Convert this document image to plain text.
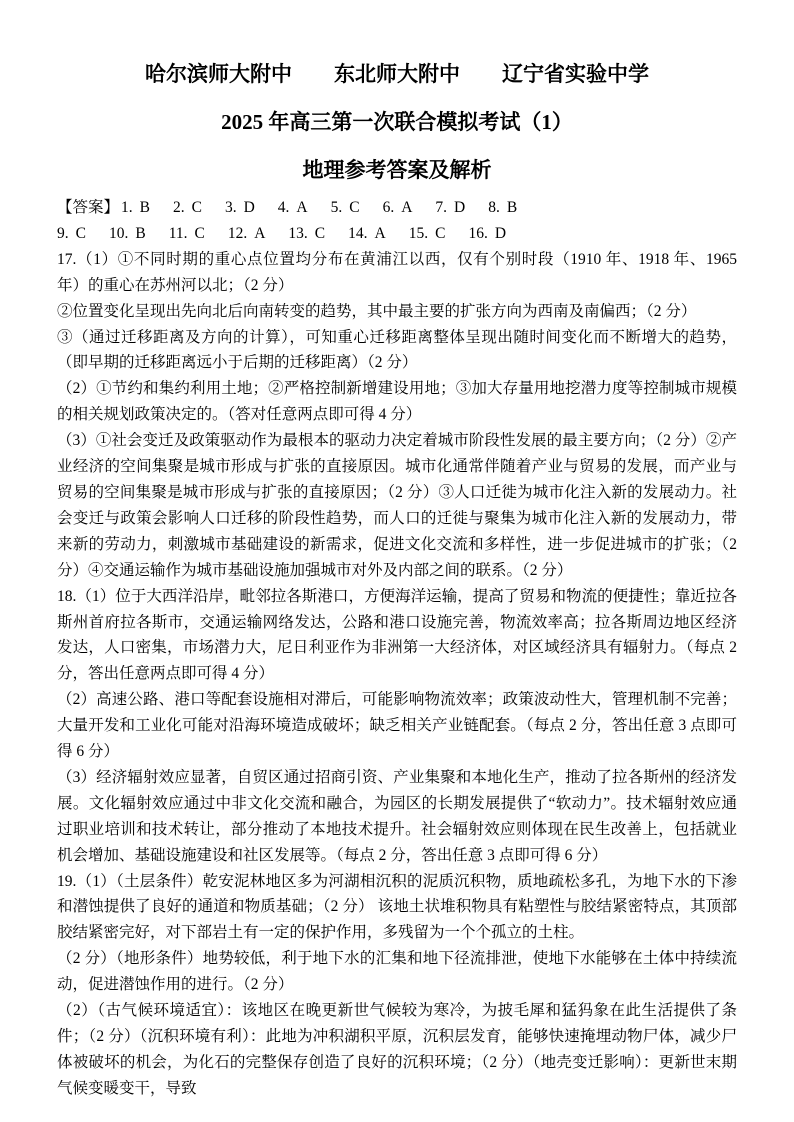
哈尔滨师大附中　　东北师大附中　　辽宁省实验中学
2025 年高三第一次联合模拟考试（1）
地理参考答案及解析
【答案】 1. B 2. C 3. D 4. A 5. C 6. A 7. D 8. B
9. C 10. B 11. C 12. A 13. C 14. A 15. C 16. D

17.（1）①不同时期的重心点位置均分布在黄浦江以西，仅有个别时段（1910 年、1918 年、1965 年）的重心在苏州河以北；（2 分）

②位置变化呈现出先向北后向南转变的趋势，其中最主要的扩张方向为西南及南偏西；（2 分）

③（通过迁移距离及方向的计算），可知重心迁移距离整体呈现出随时间变化而不断增大的趋势，（即早期的迁移距离远小于后期的迁移距离）（2 分）

（2）①节约和集约利用土地；②严格控制新增建设用地；③加大存量用地挖潜力度等控制城市规模的相关规划政策决定的。（答对任意两点即可得 4 分）

（3）①社会变迁及政策驱动作为最根本的驱动力决定着城市阶段性发展的最主要方向；（2 分）②产业经济的空间集聚是城市形成与扩张的直接原因。城市化通常伴随着产业与贸易的发展，而产业与贸易的空间集聚是城市形成与扩张的直接原因；（2 分）③人口迁徙为城市化注入新的发展动力。社会变迁与政策会影响人口迁移的阶段性趋势，而人口的迁徙与聚集为城市化注入新的发展动力，带来新的劳动力，刺激城市基础建设的新需求，促进文化交流和多样性，进一步促进城市的扩张；（2 分）④交通运输作为城市基础设施加强城市对外及内部之间的联系。（2 分）

18.（1）位于大西洋沿岸，毗邻拉各斯港口，方便海洋运输，提高了贸易和物流的便捷性；靠近拉各斯州首府拉各斯市，交通运输网络发达，公路和港口设施完善，物流效率高；拉各斯周边地区经济发达，人口密集，市场潜力大，尼日利亚作为非洲第一大经济体，对区域经济具有辐射力。（每点 2 分，答出任意两点即可得 4 分）

（2）高速公路、港口等配套设施相对滞后，可能影响物流效率；政策波动性大，管理机制不完善；大量开发和工业化可能对沿海环境造成破坏；缺乏相关产业链配套。（每点 2 分，答出任意 3 点即可得 6 分）

（3）经济辐射效应显著，自贸区通过招商引资、产业集聚和本地化生产，推动了拉各斯州的经济发展。文化辐射效应通过中非文化交流和融合，为园区的长期发展提供了“软动力”。技术辐射效应通过职业培训和技术转让，部分推动了本地技术提升。社会辐射效应则体现在民生改善上，包括就业机会增加、基础设施建设和社区发展等。（每点 2 分，答出任意 3 点即可得 6 分）

19.（1）（土层条件）乾安泥林地区多为河湖相沉积的泥质沉积物，质地疏松多孔，为地下水的下渗和潜蚀提供了良好的通道和物质基础；（2 分） 该地土状堆积物具有粘塑性与胶结紧密特点，其顶部胶结紧密完好，对下部岩土有一定的保护作用，多残留为一个个孤立的土柱。

（2 分）（地形条件）地势较低，利于地下水的汇集和地下径流排泄，使地下水能够在土体中持续流动，促进潜蚀作用的进行。（2 分）

（2）（古气候环境适宜）：该地区在晚更新世气候较为寒冷，为披毛犀和猛犸象在此生活提供了条件；（2 分）（沉积环境有利）：此地为冲积湖积平原，沉积层发育，能够快速掩埋动物尸体，减少尸体被破坏的机会，为化石的完整保存创造了良好的沉积环境；（2 分）（地壳变迁影响）：更新世末期气候变暖变干，导致
